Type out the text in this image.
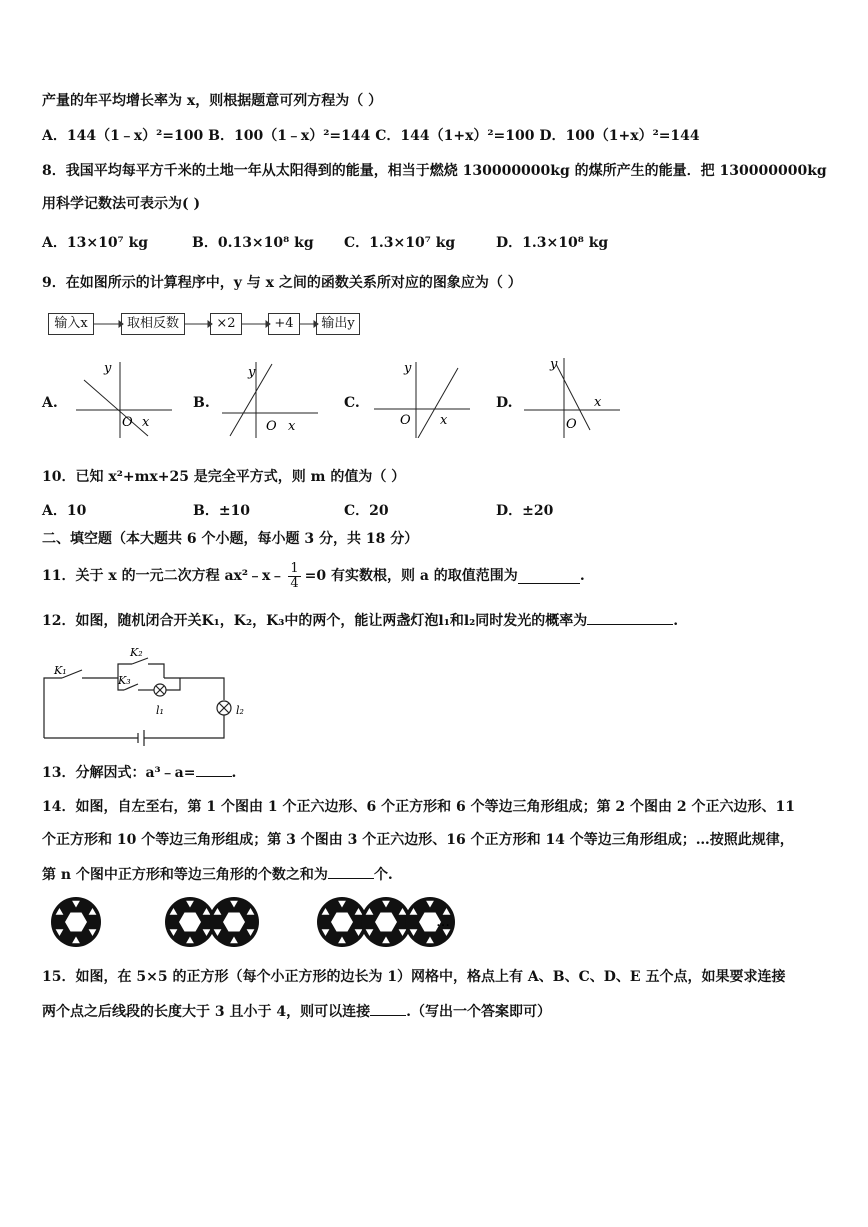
产量的年平均增长率为 x，则根据题意可列方程为（ ）
A．144（1﹣x）²=100 B．100（1﹣x）²=144 C．144（1+x）²=100 D．100（1+x）²=144
8．我国平均每平方千米的土地一年从太阳得到的能量，相当于燃烧 130000000kg 的煤所产生的能量．把 130000000kg
用科学记数法可表示为( )
A．13×10⁷ kg	B．0.13×10⁸ kg C．1.3×10⁷ kg	D．1.3×10⁸ kg
9．在如图所示的计算程序中，y 与 x 之间的函数关系所对应的图象应为（ ）
输入x	取相反数	×2	+4	输出y
A.	B.	C.	D.
y
x
O
y
x
O
y
x
O
y
x
O
10．已知 x²+mx+25 是完全平方式，则 m 的值为（ ）
A．10	B．±10	C．20	D．±20
二、填空题（本大题共 6 个小题，每小题 3 分，共 18 分）
11．关于 x 的一元二次方程 ax²﹣x﹣ $\frac{1}{4} =0$ 有实数根，则 a 的取值范围为	.
12．如图，随机闭合开关K₁，K₂，K₃中的两个，能让两盏灯泡l₁和l₂同时发光的概率为	.
K₁
K₂
K₃
l₁	l₂
13．分解因式：a³﹣a=	.
14．如图，自左至右，第 1 个图由 1 个正六边形、6 个正方形和 6 个等边三角形组成；第 2 个图由 2 个正六边形、11
个正方形和 10 个等边三角形组成；第 3 个图由 3 个正六边形、16 个正方形和 14 个等边三角形组成；…按照此规律，
第 n 个图中正方形和等边三角形的个数之和为	个.
…
15．如图，在 5×5 的正方形（每个小正方形的边长为 1）网格中，格点上有 A、B、C、D、E 五个点，如果要求连接
两个点之后线段的长度大于 3 且小于 4，则可以连接	.（写出一个答案即可）
